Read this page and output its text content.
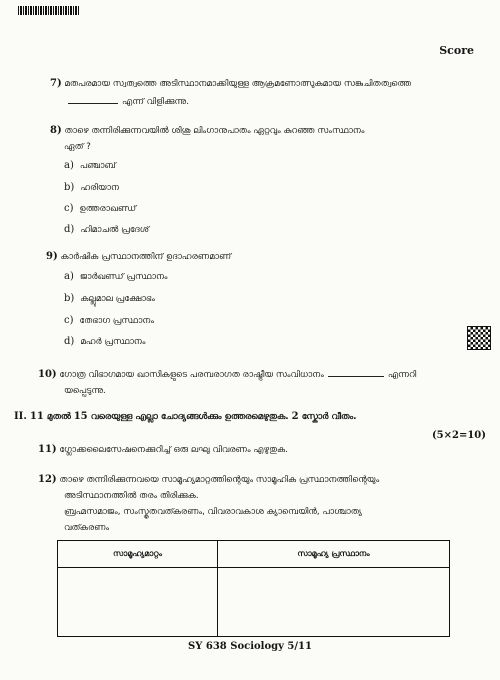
Score
7) മതപരമായ സ്വത്വത്തെ അടിസ്ഥാനമാക്കിയുള്ള ആക്രമണോത്സുകമായ സങ്കുചിതത്വത്തെ
എന്ന് വിളിക്കുന്നു.
8) താഴെ തന്നിരിക്കുന്നവയിൽ ശിശു ലിംഗാനുപാതം ഏറ്റവും കുറഞ്ഞ സംസ്ഥാനം
ഏത് ?
a) പഞ്ചാബ്
b) ഹരിയാന
c) ഉത്തരാഖണ്ഡ്
d) ഹിമാചൽ പ്രദേശ്
9) കാർഷിക പ്രസ്ഥാനത്തിന് ഉദാഹരണമാണ്
a) ജാർഖണ്ഡ് പ്രസ്ഥാനം
b) കല്ലുമാല പ്രക്ഷോഭം
c) തേഭാഗ പ്രസ്ഥാനം
d) മഹർ പ്രസ്ഥാനം
10) ഗോത്ര വിഭാഗമായ ഖാസികളുടെ പരമ്പരാഗത രാഷ്ട്രീയ സംവിധാനം	എന്നറി
യപ്പെടുന്നു.
II. 11 മുതൽ 15 വരെയുള്ള എല്ലാ ചോദ്യങ്ങൾക്കും ഉത്തരമെഴുതുക. 2 സ്കോർ വീതം.
(5×2=10)
11) ഗ്ലോക്കലൈസേഷനെക്കുറിച്ച് ഒരു ലഘു വിവരണം എഴുതുക.
12) താഴെ തന്നിരിക്കുന്നവയെ സാമൂഹ്യമാറ്റത്തിന്റെയും സാമൂഹിക പ്രസ്ഥാനത്തിന്റെയും
അടിസ്ഥാനത്തിൽ തരം തിരിക്കുക.
ബ്രഹ്മസമാജം, സംസ്കൃതവത്കരണം, വിവരാവകാശ ക്യാമ്പെയിൻ, പാശ്ചാത്യ
വത്കരണം
സാമൂഹ്യമാറ്റം	സാമൂഹ്യ പ്രസ്ഥാനം

SY 638 Sociology 5/11
